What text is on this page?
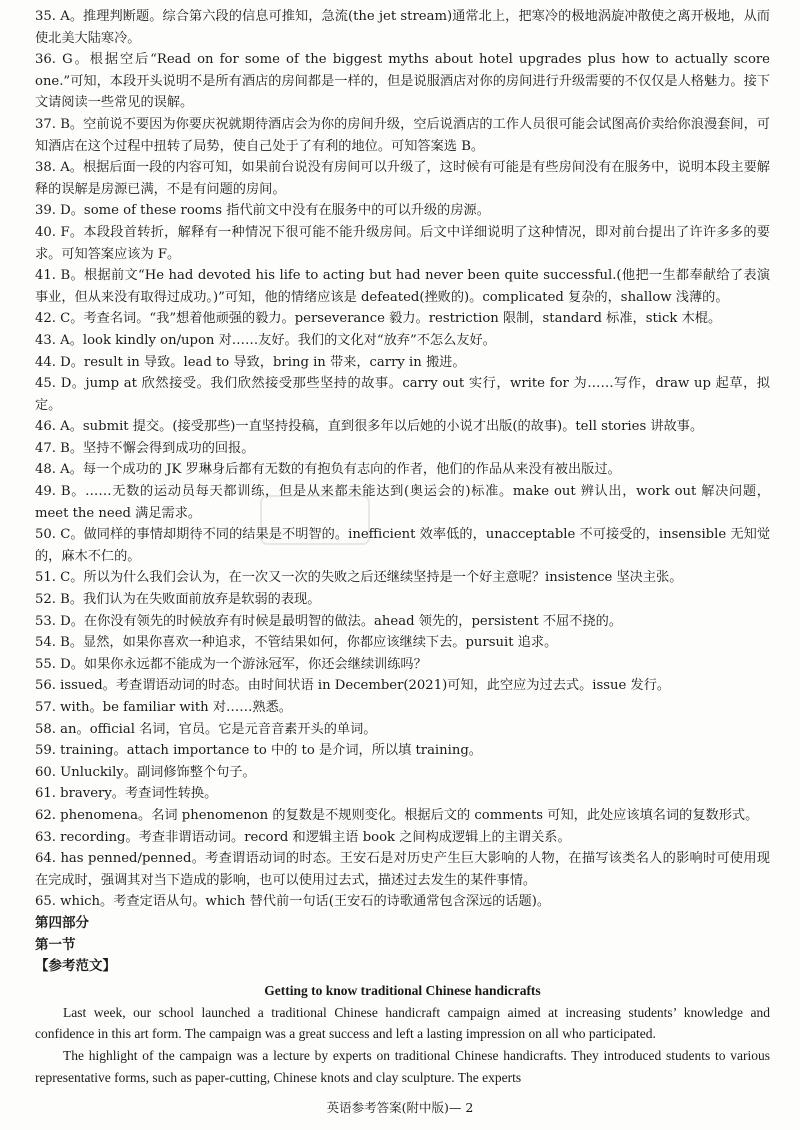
35. A。推理判断题。综合第六段的信息可推知，急流(the jet stream)通常北上，把寒冷的极地涡旋冲散使之离开极地，从而使北美大陆寒冷。

36. G。根据空后“Read on for some of the biggest myths about hotel upgrades plus how to actually score one.”可知，本段开头说明不是所有酒店的房间都是一样的，但是说服酒店对你的房间进行升级需要的不仅仅是人格魅力。接下文请阅读一些常见的误解。

37. B。空前说不要因为你要庆祝就期待酒店会为你的房间升级，空后说酒店的工作人员很可能会试图高价卖给你浪漫套间，可知酒店在这个过程中扭转了局势，使自己处于了有利的地位。可知答案选 B。

38. A。根据后面一段的内容可知，如果前台说没有房间可以升级了，这时候有可能是有些房间没有在服务中，说明本段主要解释的误解是房源已满，不是有问题的房间。

39. D。some of these rooms 指代前文中没有在服务中的可以升级的房源。

40. F。本段段首转折，解释有一种情况下很可能不能升级房间。后文中详细说明了这种情况，即对前台提出了许许多多的要求。可知答案应该为 F。

41. B。根据前文“He had devoted his life to acting but had never been quite successful.(他把一生都奉献给了表演事业，但从来没有取得过成功。)”可知，他的情绪应该是 defeated(挫败的)。complicated 复杂的，shallow 浅薄的。

42. C。考查名词。“我”想着他顽强的毅力。perseverance 毅力。restriction 限制，standard 标准，stick 木棍。

43. A。look kindly on/upon 对……友好。我们的文化对“放弃”不怎么友好。

44. D。result in 导致。lead to 导致，bring in 带来，carry in 搬进。

45. D。jump at 欣然接受。我们欣然接受那些坚持的故事。carry out 实行，write for 为……写作，draw up 起草，拟定。

46. A。submit 提交。(接受那些)一直坚持投稿，直到很多年以后她的小说才出版(的故事)。tell stories 讲故事。

47. B。坚持不懈会得到成功的回报。

48. A。每一个成功的 JK 罗琳身后都有无数的有抱负有志向的作者，他们的作品从来没有被出版过。

49. B。……无数的运动员每天都训练，但是从来都未能达到(奥运会的)标准。make out 辨认出，work out 解决问题，meet the need 满足需求。

50. C。做同样的事情却期待不同的结果是不明智的。inefficient 效率低的，unacceptable 不可接受的，insensible 无知觉的，麻木不仁的。

51. C。所以为什么我们会认为，在一次又一次的失败之后还继续坚持是一个好主意呢？insistence 坚决主张。

52. B。我们认为在失败面前放弃是软弱的表现。

53. D。在你没有领先的时候放弃有时候是最明智的做法。ahead 领先的，persistent 不屈不挠的。

54. B。显然，如果你喜欢一种追求，不管结果如何，你都应该继续下去。pursuit 追求。

55. D。如果你永远都不能成为一个游泳冠军，你还会继续训练吗？

56. issued。考查谓语动词的时态。由时间状语 in December(2021)可知，此空应为过去式。issue 发行。

57. with。be familiar with 对……熟悉。

58. an。official 名词，官员。它是元音音素开头的单词。

59. training。attach importance to 中的 to 是介词，所以填 training。

60. Unluckily。副词修饰整个句子。

61. bravery。考查词性转换。

62. phenomena。名词 phenomenon 的复数是不规则变化。根据后文的 comments 可知，此处应该填名词的复数形式。

63. recording。考查非谓语动词。record 和逻辑主语 book 之间构成逻辑上的主谓关系。

64. has penned/penned。考查谓语动词的时态。王安石是对历史产生巨大影响的人物，在描写该类名人的影响时可使用现在完成时，强调其对当下造成的影响，也可以使用过去式，描述过去发生的某件事情。

65. which。考查定语从句。which 替代前一句话(王安石的诗歌通常包含深远的话题)。

第四部分

第一节

【参考范文】

Getting to know traditional Chinese handicrafts

Last week, our school launched a traditional Chinese handicraft campaign aimed at increasing students’ knowledge and confidence in this art form. The campaign was a great success and left a lasting impression on all who participated.

The highlight of the campaign was a lecture by experts on traditional Chinese handicrafts. They introduced students to various representative forms, such as paper-cutting, Chinese knots and clay sculpture. The experts

英语参考答案(附中版)— 2
